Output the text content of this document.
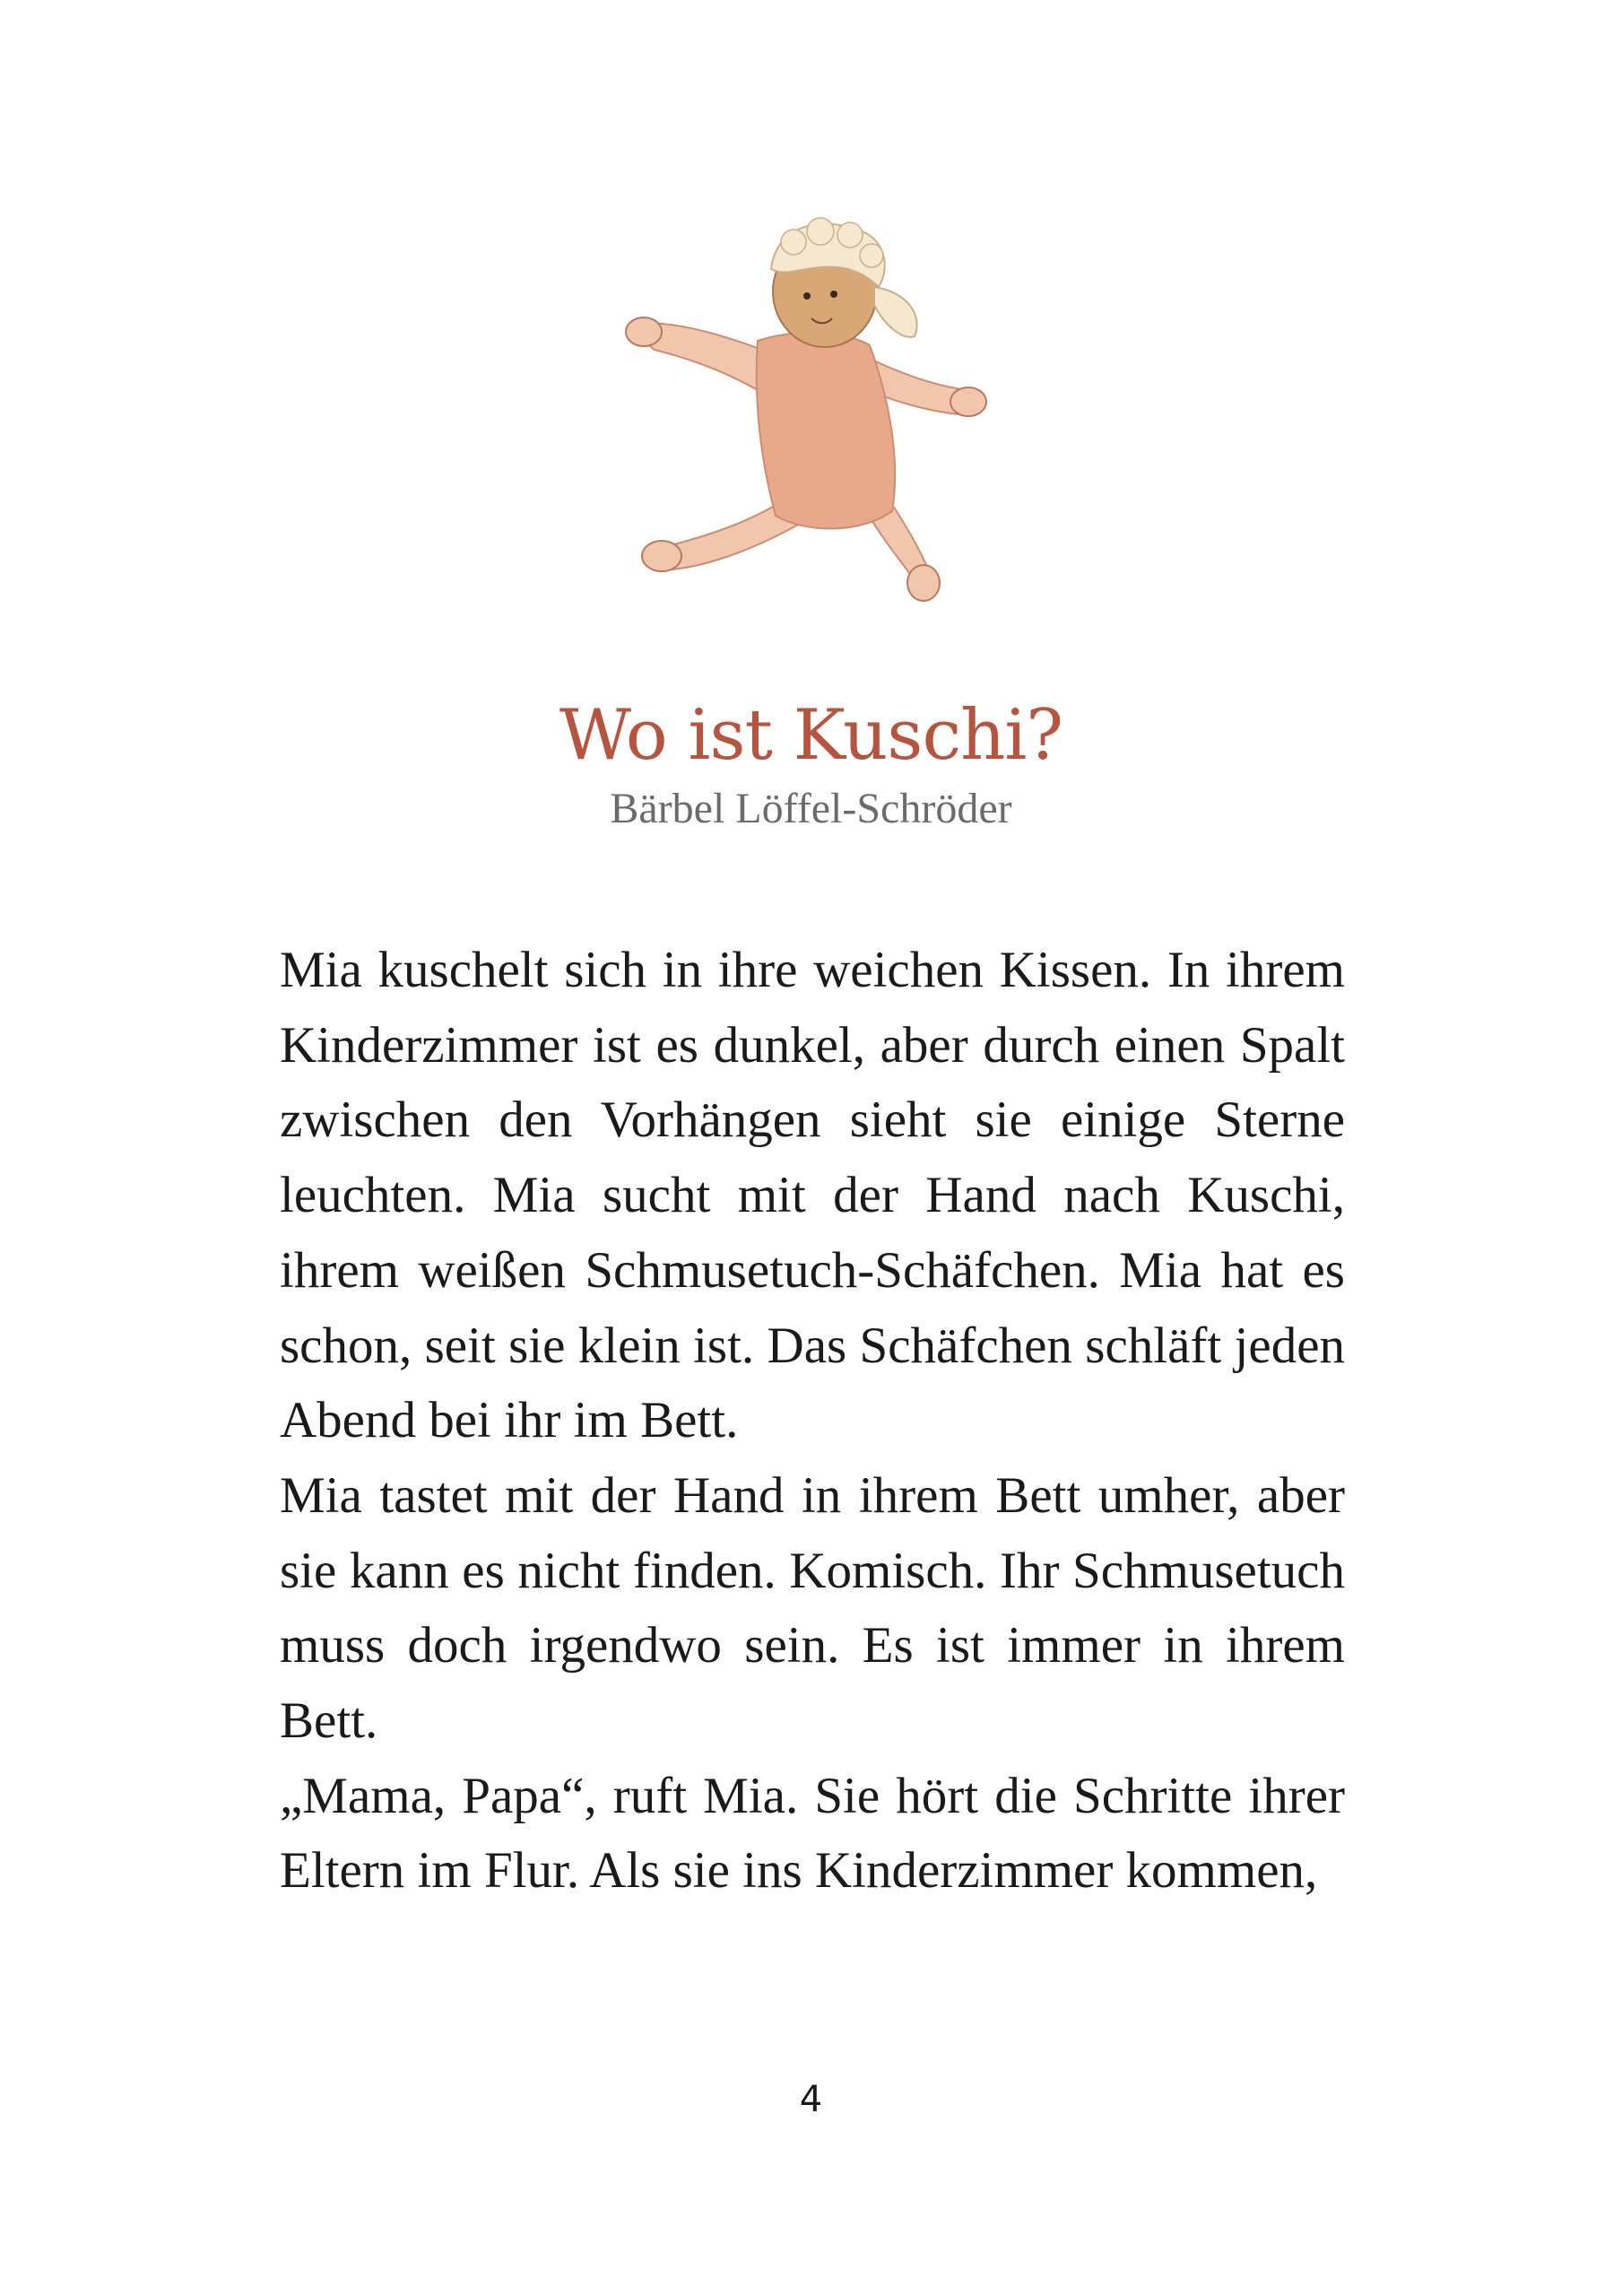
Wo ist Kuschi?
Bärbel Löffel-Schröder

Mia kuschelt sich in ihre weichen Kissen. In ihrem Kinderzimmer ist es dunkel, aber durch einen Spalt zwischen den Vorhängen sieht sie einige Sterne leuchten. Mia sucht mit der Hand nach Kuschi, ihrem weißen Schmusetuch-Schäfchen. Mia hat es schon, seit sie klein ist. Das Schäfchen schläft jeden Abend bei ihr im Bett.

Mia tastet mit der Hand in ihrem Bett umher, aber sie kann es nicht finden. Komisch. Ihr Schmusetuch muss doch irgendwo sein. Es ist immer in ihrem Bett.

„Mama, Papa“, ruft Mia. Sie hört die Schritte ihrer Eltern im Flur. Als sie ins Kinderzimmer kommen,

4
